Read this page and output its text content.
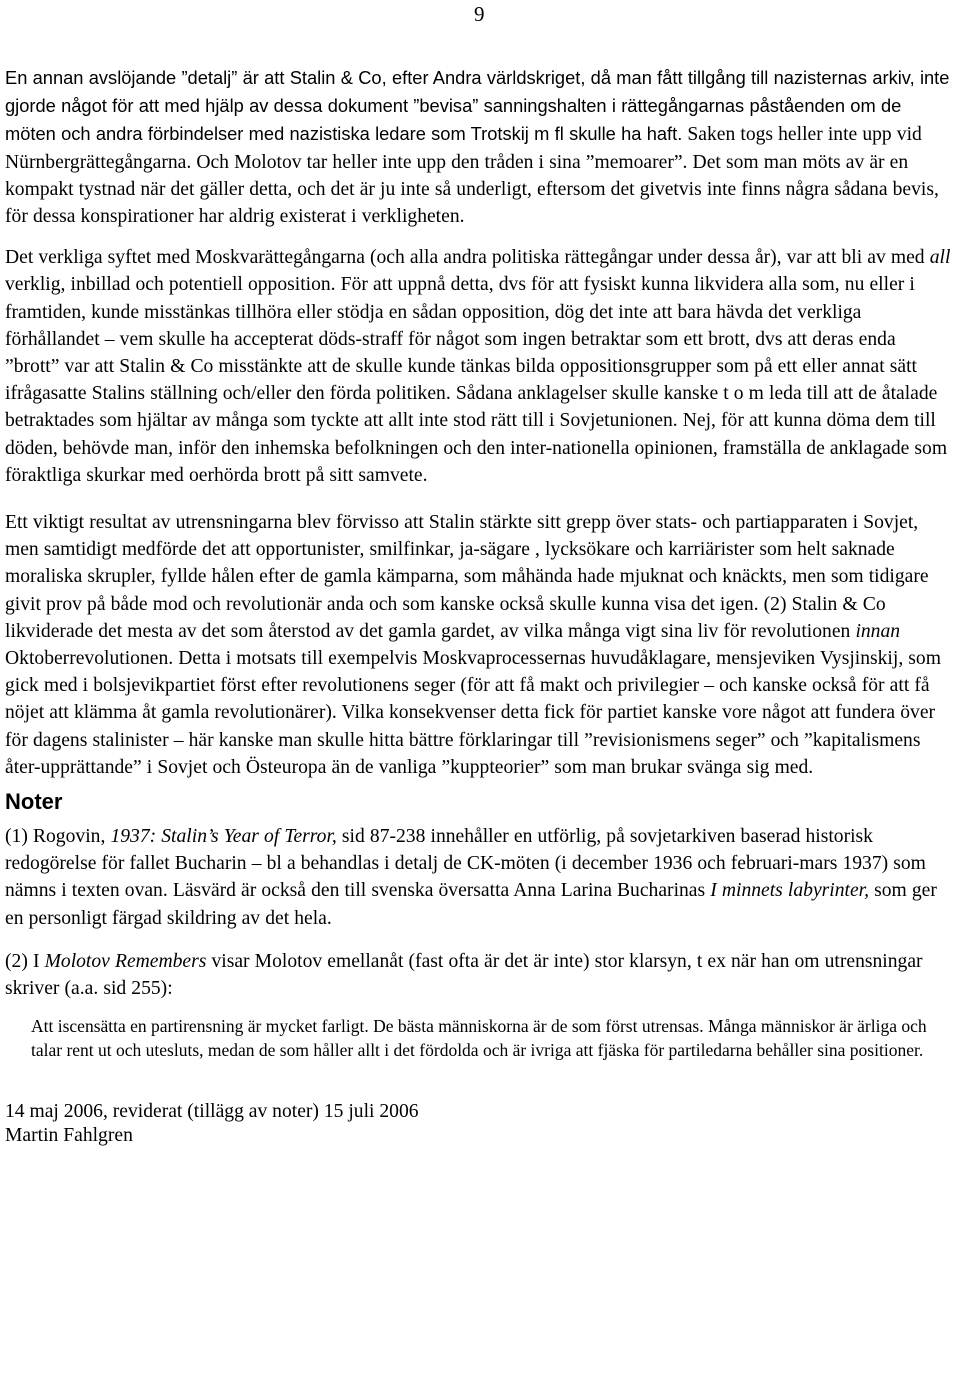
9

En annan avslöjande ”detalj” är att Stalin & Co, efter Andra världskriget, då man fått tillgång till nazisternas arkiv, inte gjorde något för att med hjälp av dessa dokument ”bevisa” sanningshalten i rättegångarnas påståenden om de möten och andra förbindelser med nazistiska ledare som Trotskij m fl skulle ha haft. Saken togs heller inte upp vid Nürnbergrättegångarna. Och Molotov tar heller inte upp den tråden i sina ”memoarer”. Det som man möts av är en kompakt tystnad när det gäller detta, och det är ju inte så underligt, eftersom det givetvis inte finns några sådana bevis, för dessa konspirationer har aldrig existerat i verkligheten.

Det verkliga syftet med Moskvarättegångarna (och alla andra politiska rättegångar under dessa år), var att bli av med all verklig, inbillad och potentiell opposition. För att uppnå detta, dvs för att fysiskt kunna likvidera alla som, nu eller i framtiden, kunde misstänkas tillhöra eller stödja en sådan opposition, dög det inte att bara hävda det verkliga förhållandet – vem skulle ha accepterat döds-straff för något som ingen betraktar som ett brott, dvs att deras enda ”brott” var att Stalin & Co misstänkte att de skulle kunde tänkas bilda oppositionsgrupper som på ett eller annat sätt ifrågasatte Stalins ställning och/eller den förda politiken. Sådana anklagelser skulle kanske t o m leda till att de åtalade betraktades som hjältar av många som tyckte att allt inte stod rätt till i Sovjetunionen. Nej, för att kunna döma dem till döden, behövde man, inför den inhemska befolkningen och den inter-nationella opinionen, framställa de anklagade som föraktliga skurkar med oerhörda brott på sitt samvete.

Ett viktigt resultat av utrensningarna blev förvisso att Stalin stärkte sitt grepp över stats- och partiapparaten i Sovjet, men samtidigt medförde det att opportunister, smilfinkar, ja-sägare , lycksökare och karriärister som helt saknade moraliska skrupler, fyllde hålen efter de gamla kämparna, som måhända hade mjuknat och knäckts, men som tidigare givit prov på både mod och revolutionär anda och som kanske också skulle kunna visa det igen. (2) Stalin & Co likviderade det mesta av det som återstod av det gamla gardet, av vilka många vigt sina liv för revolutionen innan Oktoberrevolutionen. Detta i motsats till exempelvis Moskvaprocessernas huvudåklagare, mensjeviken Vysjinskij, som gick med i bolsjevikpartiet först efter revolutionens seger (för att få makt och privilegier – och kanske också för att få nöjet att klämma åt gamla revolutionärer). Vilka konsekvenser detta fick för partiet kanske vore något att fundera över för dagens stalinister – här kanske man skulle hitta bättre förklaringar till ”revisionismens seger” och ”kapitalismens åter-upprättande” i Sovjet och Östeuropa än de vanliga ”kuppteorier” som man brukar svänga sig med.

Noter

(1) Rogovin, 1937: Stalin’s Year of Terror, sid 87-238 innehåller en utförlig, på sovjetarkiven baserad historisk redogörelse för fallet Bucharin – bl a behandlas i detalj de CK-möten (i december 1936 och februari-mars 1937) som nämns i texten ovan. Läsvärd är också den till svenska översatta Anna Larina Bucharinas I minnets labyrinter, som ger en personligt färgad skildring av det hela.

(2) I Molotov Remembers visar Molotov emellanåt (fast ofta är det är inte) stor klarsyn, t ex när han om utrensningar skriver (a.a. sid 255):

Att iscensätta en partirensning är mycket farligt. De bästa människorna är de som först utrensas. Många människor är ärliga och talar rent ut och utesluts, medan de som håller allt i det fördolda och är ivriga att fjäska för partiledarna behåller sina positioner.
14 maj 2006, reviderat (tillägg av noter) 15 juli 2006
Martin Fahlgren
